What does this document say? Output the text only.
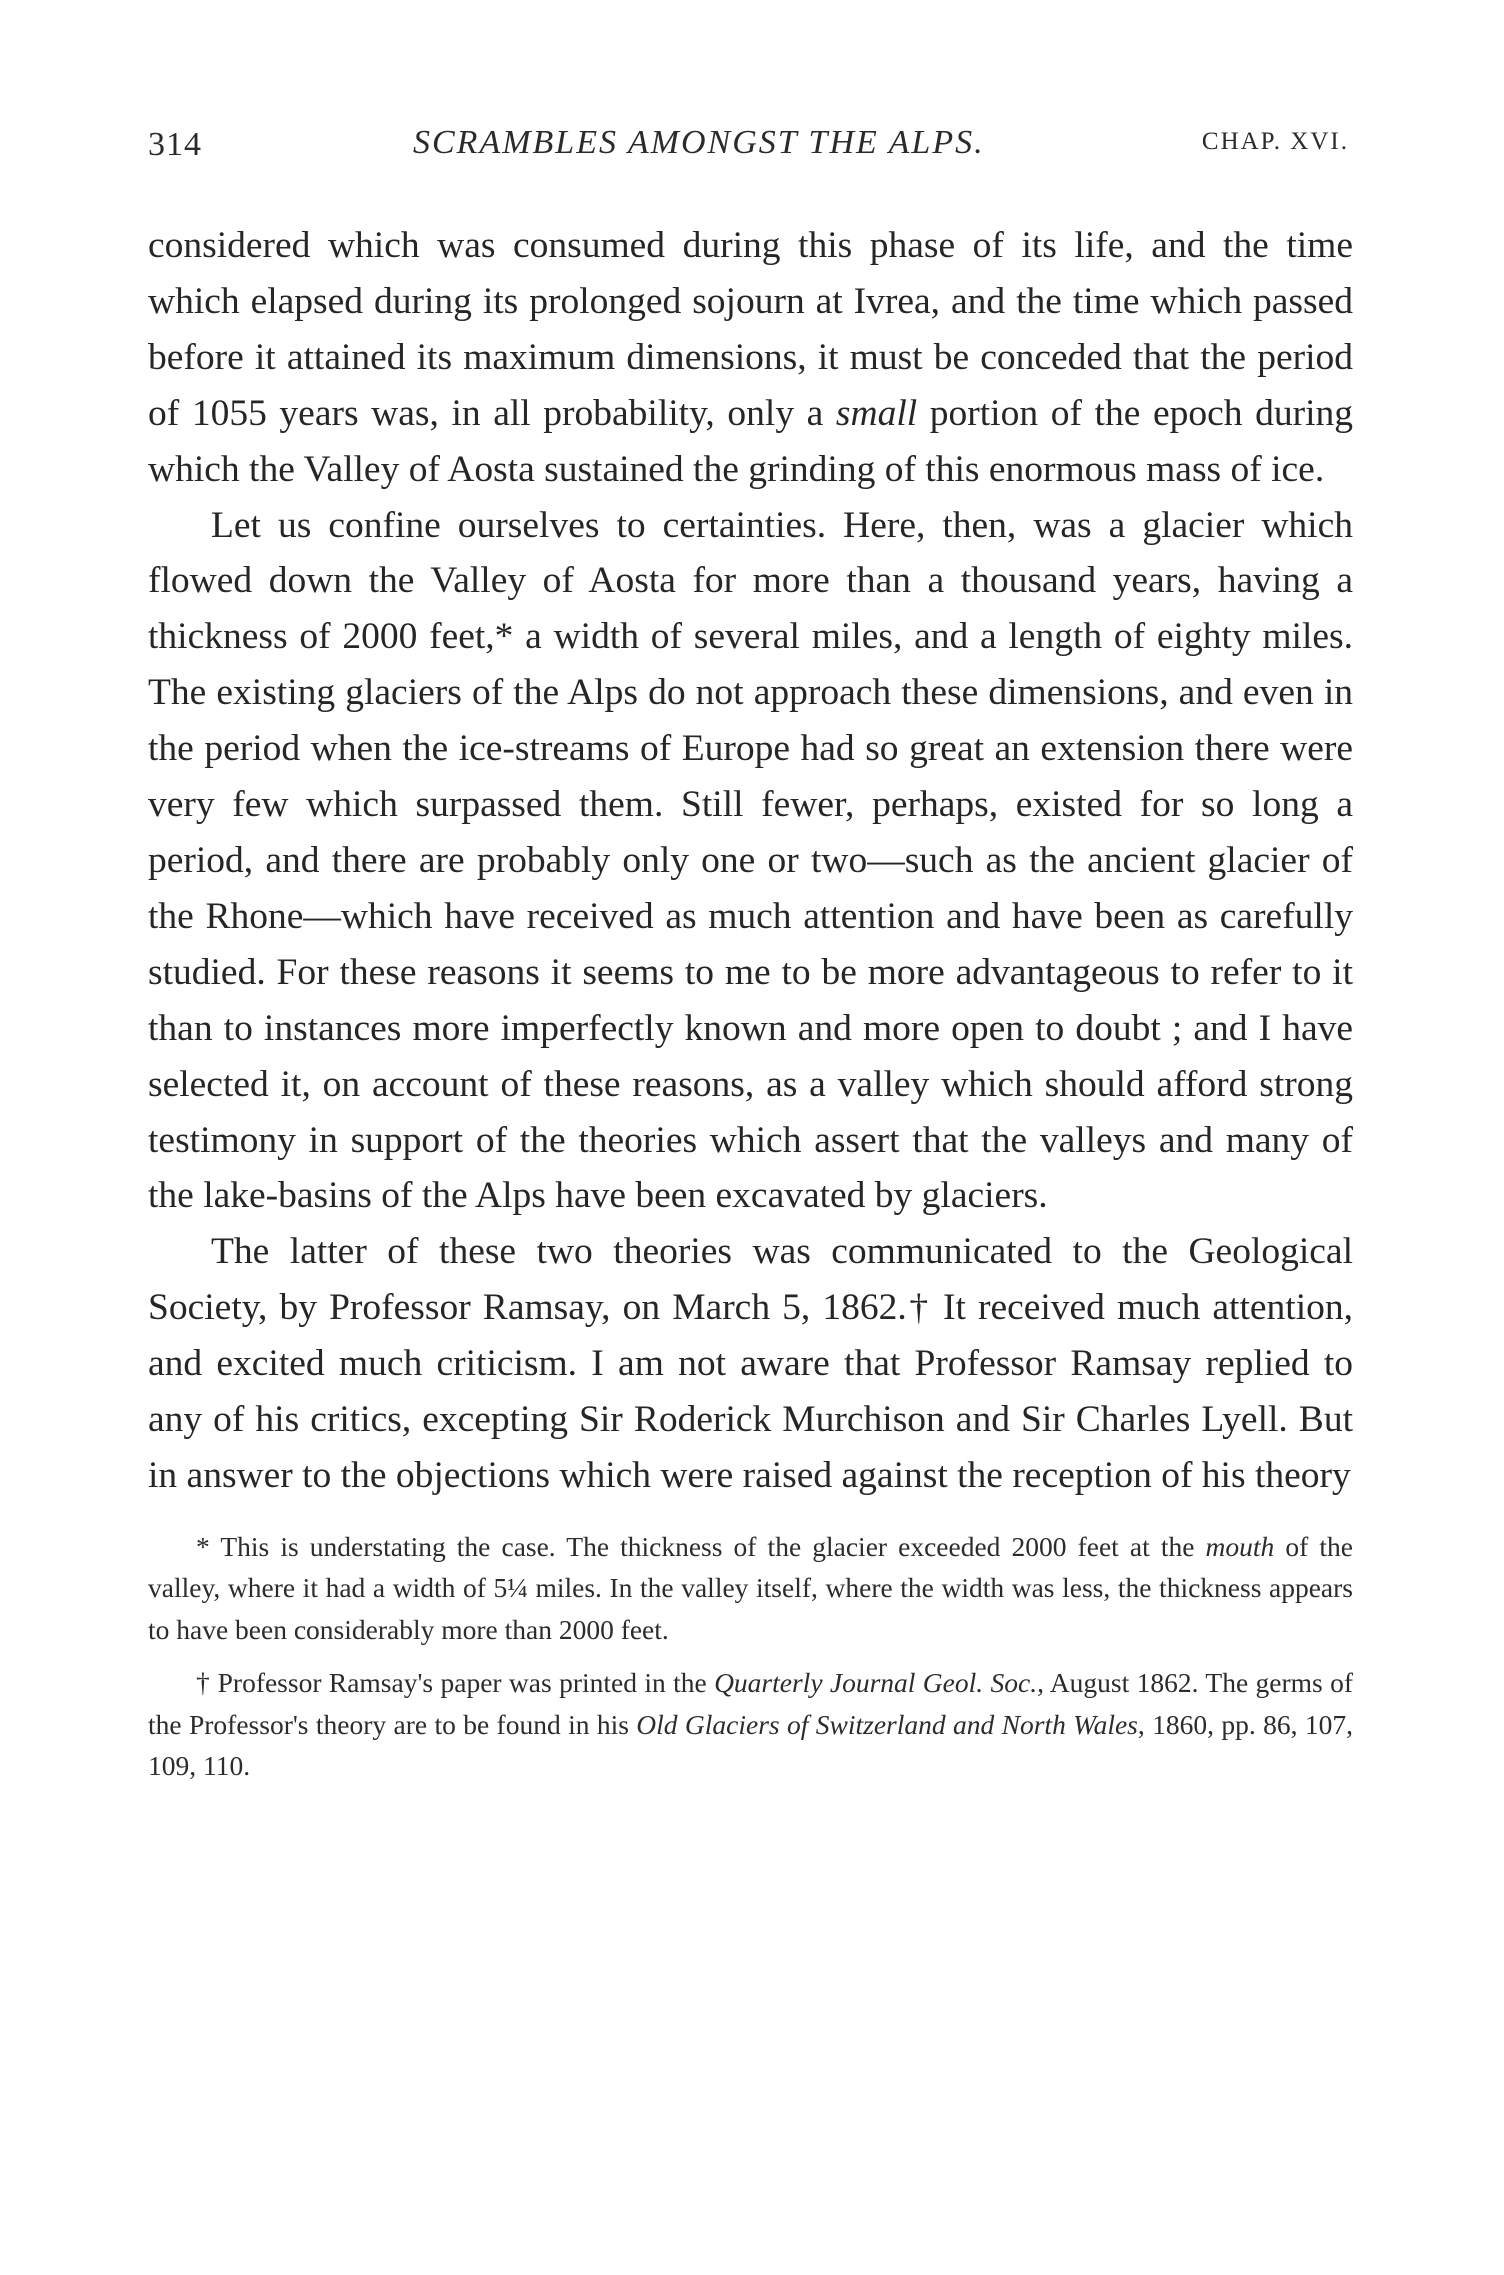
314	SCRAMBLES AMONGST THE ALPS.	CHAP. XVI.

considered which was consumed during this phase of its life, and the time which elapsed during its prolonged sojourn at Ivrea, and the time which passed before it attained its maximum dimensions, it must be conceded that the period of 1055 years was, in all probability, only a small portion of the epoch during which the Valley of Aosta sustained the grinding of this enormous mass of ice.

Let us confine ourselves to certainties. Here, then, was a glacier which flowed down the Valley of Aosta for more than a thousand years, having a thickness of 2000 feet,* a width of several miles, and a length of eighty miles. The existing glaciers of the Alps do not approach these dimensions, and even in the period when the ice-streams of Europe had so great an extension there were very few which surpassed them. Still fewer, perhaps, existed for so long a period, and there are probably only one or two—such as the ancient glacier of the Rhone—which have received as much attention and have been as carefully studied. For these reasons it seems to me to be more advantageous to refer to it than to instances more imperfectly known and more open to doubt ; and I have selected it, on account of these reasons, as a valley which should afford strong testimony in support of the theories which assert that the valleys and many of the lake-basins of the Alps have been excavated by glaciers.

The latter of these two theories was communicated to the Geological Society, by Professor Ramsay, on March 5, 1862.† It received much attention, and excited much criticism. I am not aware that Professor Ramsay replied to any of his critics, excepting Sir Roderick Murchison and Sir Charles Lyell. But in answer to the objections which were raised against the reception of his theory

* This is understating the case. The thickness of the glacier exceeded 2000 feet at the mouth of the valley, where it had a width of 5¼ miles. In the valley itself, where the width was less, the thickness appears to have been considerably more than 2000 feet.

† Professor Ramsay's paper was printed in the Quarterly Journal Geol. Soc., August 1862. The germs of the Professor's theory are to be found in his Old Glaciers of Switzerland and North Wales, 1860, pp. 86, 107, 109, 110.
